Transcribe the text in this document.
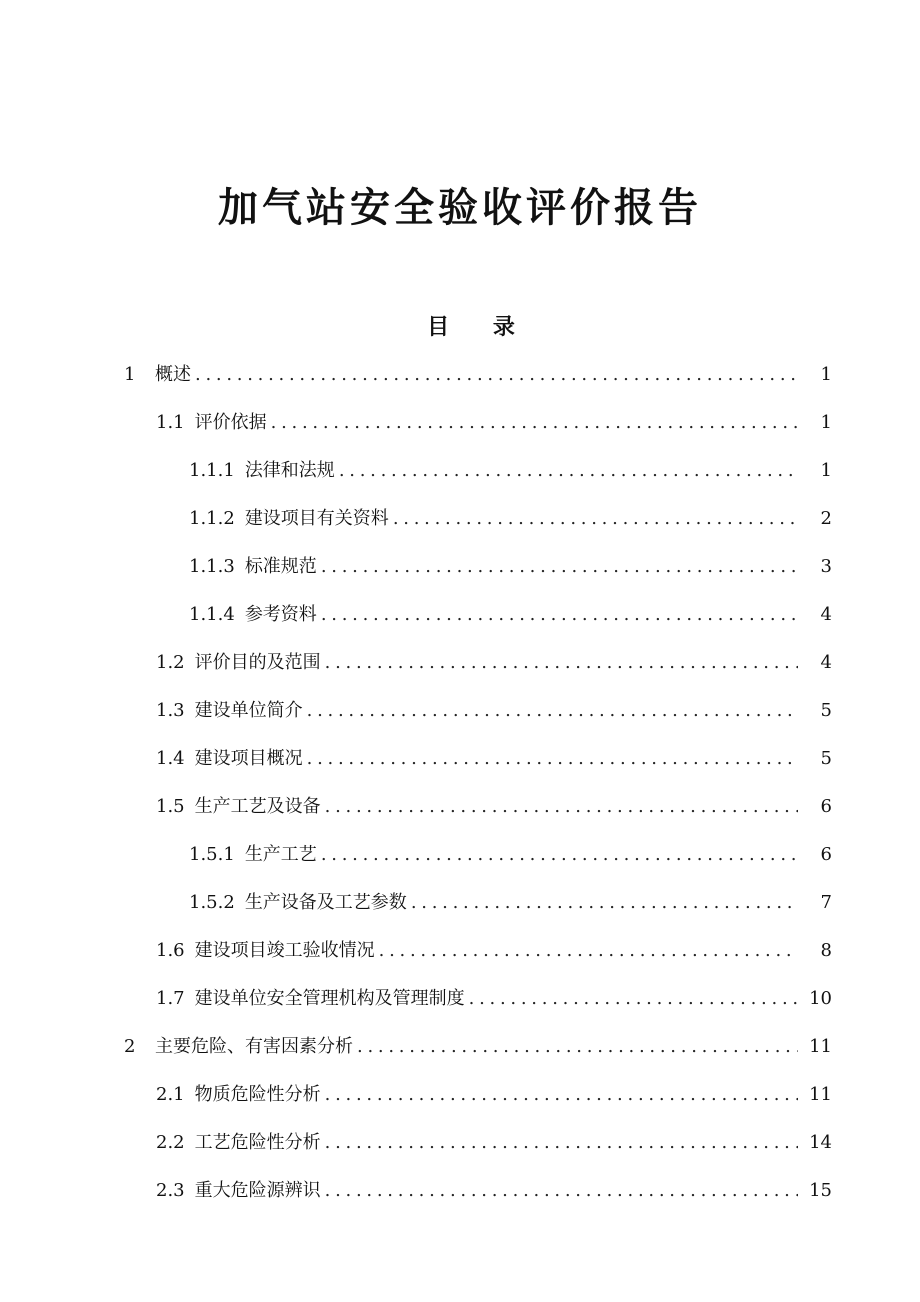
加气站安全验收评价报告
目 录
1	概述 . . .	1
1.1 评价依据 . . .	1
1.1.1 法律和法规 . . .	1
1.1.2 建设项目有关资料 . . .	2
1.1.3 标准规范 . . .	3
1.1.4 参考资料 . . .	4
1.2 评价目的及范围 . . .	4
1.3 建设单位简介 . . .	5
1.4 建设项目概况 . . .	5
1.5 生产工艺及设备 . . .	6
1.5.1 生产工艺 . . .	6
1.5.2 生产设备及工艺参数 . . .	7
1.6 建设项目竣工验收情况 . . .	8
1.7 建设单位安全管理机构及管理制度 . . .	10
2	主要危险、有害因素分析 . . .	11
2.1 物质危险性分析 . . .	11
2.2 工艺危险性分析 . . .	14
2.3 重大危险源辨识 . . .	15
